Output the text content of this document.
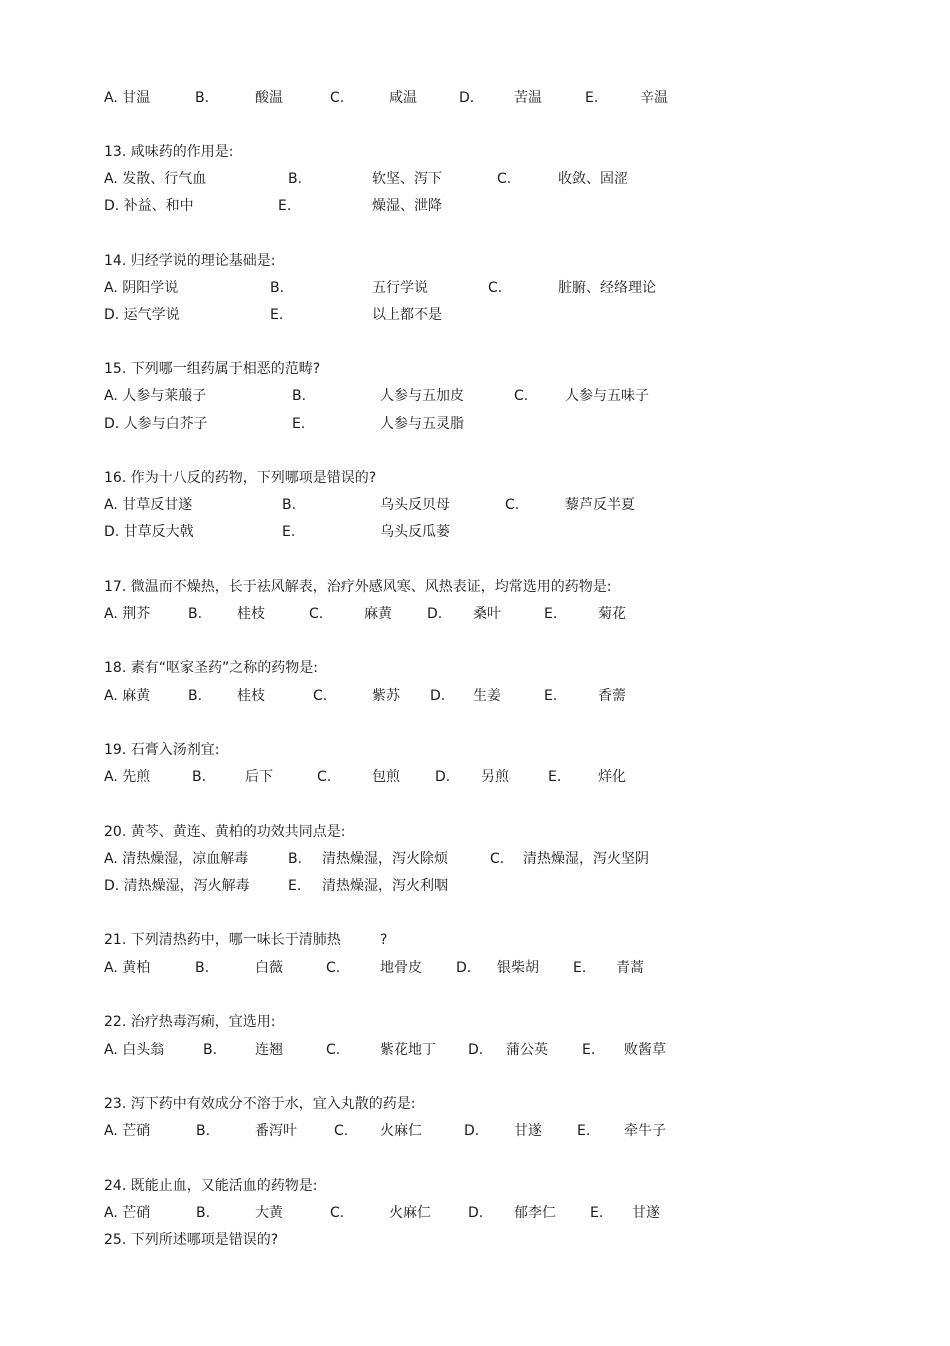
A. 甘温	B.	酸温	C.	咸温	D.	苦温	E.	辛温
13. 咸味药的作用是:
A. 发散、行气血	B.	软坚、泻下	C.	收敛、固涩
D. 补益、和中	E.	燥湿、泄降
14. 归经学说的理论基础是:
A. 阴阳学说	B.	五行学说	C.	脏腑、经络理论
D. 运气学说	E.	以上都不是
15. 下列哪一组药属于相恶的范畴?
A. 人参与莱菔子	B.	人参与五加皮	C.	人参与五味子
D. 人参与白芥子	E.	人参与五灵脂
16. 作为十八反的药物，下列哪项是错误的?
A. 甘草反甘遂	B.	乌头反贝母	C.	藜芦反半夏
D. 甘草反大戟	E.	乌头反瓜蒌
17. 微温而不燥热，长于祛风解表，治疗外感风寒、风热表证，均常选用的药物是:
A. 荆芥	B. 桂枝	C.	麻黄	D. 桑叶	E.	菊花
18. 素有“呕家圣药”之称的药物是:
A. 麻黄	B. 桂枝	C.	紫苏 D. 生姜	E.	香薷
19. 石膏入汤剂宜:
A. 先煎	B.	后下	C.	包煎	D. 另煎	E.	烊化
20. 黄芩、黄连、黄柏的功效共同点是:
A. 清热燥湿，凉血解毒	B. 清热燥湿，泻火除烦	C. 清热燥湿，泻火坚阴
D. 清热燥湿，泻火解毒	E. 清热燥湿，泻火利咽
21. 下列清热药中，哪一味长于清肺热	?
A. 黄柏	B.	白薇	C.	地骨皮 D. 银柴胡 E. 青蒿
22. 治疗热毒泻痢，宜选用:
A. 白头翁	B.	连翘	C.	紫花地丁 D. 蒲公英 E. 败酱草
23. 泻下药中有效成分不溶于水，宜入丸散的药是:
A. 芒硝	B.	番泻叶	C. 火麻仁	D. 甘遂	E. 牵牛子
24. 既能止血，又能活血的药物是:
A. 芒硝	B.	大黄	C.	火麻仁	D. 郁李仁 E. 甘遂
25. 下列所述哪项是错误的?
